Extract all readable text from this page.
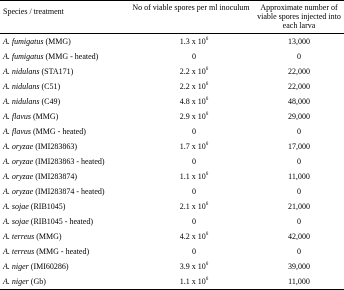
Species / treatment	No of viable spores per ml inoculum	Approximate number of viable spores injected into each larva
A. fumigatus (MMG)	1.3 x $10^6$	13,000
A. fumigatus (MMG - heated)	0	0
A. nidulans (STA171)	2.2 x $10^6$	22,000
A. nidulans (C51)	2.2 x $10^6$	22,000
A. nidulans (C49)	4.8 x $10^6$	48,000
A. flavus (MMG)	2.9 x $10^6$	29,000
A. flavus (MMG - heated)	0	0
A. oryzae (IMI283863)	1.7 x $10^6$	17,000
A. oryzae (IMI283863 - heated)	0	0
A. oryzae (IMI283874)	1.1 x $10^6$	11,000
A. oryzae (IMI283874 - heated)	0	0
A. sojae (RIB1045)	2.1 x $10^6$	21,000
A. sojae (RIB1045 - heated)	0	0
A. terreus (MMG)	4.2 x $10^6$	42,000
A. terreus (MMG - heated)	0	0
A. niger (IMI60286)	3.9 x $10^6$	39,000
A. niger (Gb)	1.1 x $10^6$	11,000
